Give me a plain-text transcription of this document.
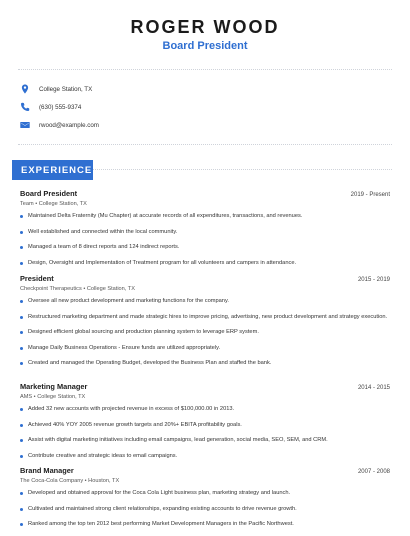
ROGER WOOD
Board President
College Station, TX
(630) 555-9374
rwood@example.com
EXPERIENCE
Board President	2019 - Present
Team • College Station, TX
Maintained Delta Fraternity (Mu Chapter) at accurate records of all expenditures, transactions, and revenues.
Well established and connected within the local community.
Managed a team of 8 direct reports and 124 indirect reports.
Design, Oversight and Implementation of Treatment program for all volunteers and campers in attendance.
President	2015 - 2019
Checkpoint Therapeutics • College Station, TX
Oversee all new product development and marketing functions for the company.
Restructured marketing department and made strategic hires to improve pricing, advertising, new product development and strategy execution.
Designed efficient global sourcing and production planning system to leverage ERP system.
Manage Daily Business Operations - Ensure funds are utilized appropriately.
Created and managed the Operating Budget, developed the Business Plan and staffed the bank.
Marketing Manager	2014 - 2015
AMS • College Station, TX
Added 32 new accounts with projected revenue in excess of $100,000.00 in 2013.
Achieved 40% YOY 2005 revenue growth targets and 20%+ EBITA profitability goals.
Assist with digital marketing initiatives including email campaigns, lead generation, social media, SEO, SEM, and CRM.
Contribute creative and strategic ideas to email campaigns.
Brand Manager	2007 - 2008
The Coca-Cola Company • Houston, TX
Developed and obtained approval for the Coca Cola Light business plan, marketing strategy and launch.
Cultivated and maintained strong client relationships, expanding existing accounts to drive revenue growth.
Ranked among the top ten 2012 best performing Market Development Managers in the Pacific Northwest.
